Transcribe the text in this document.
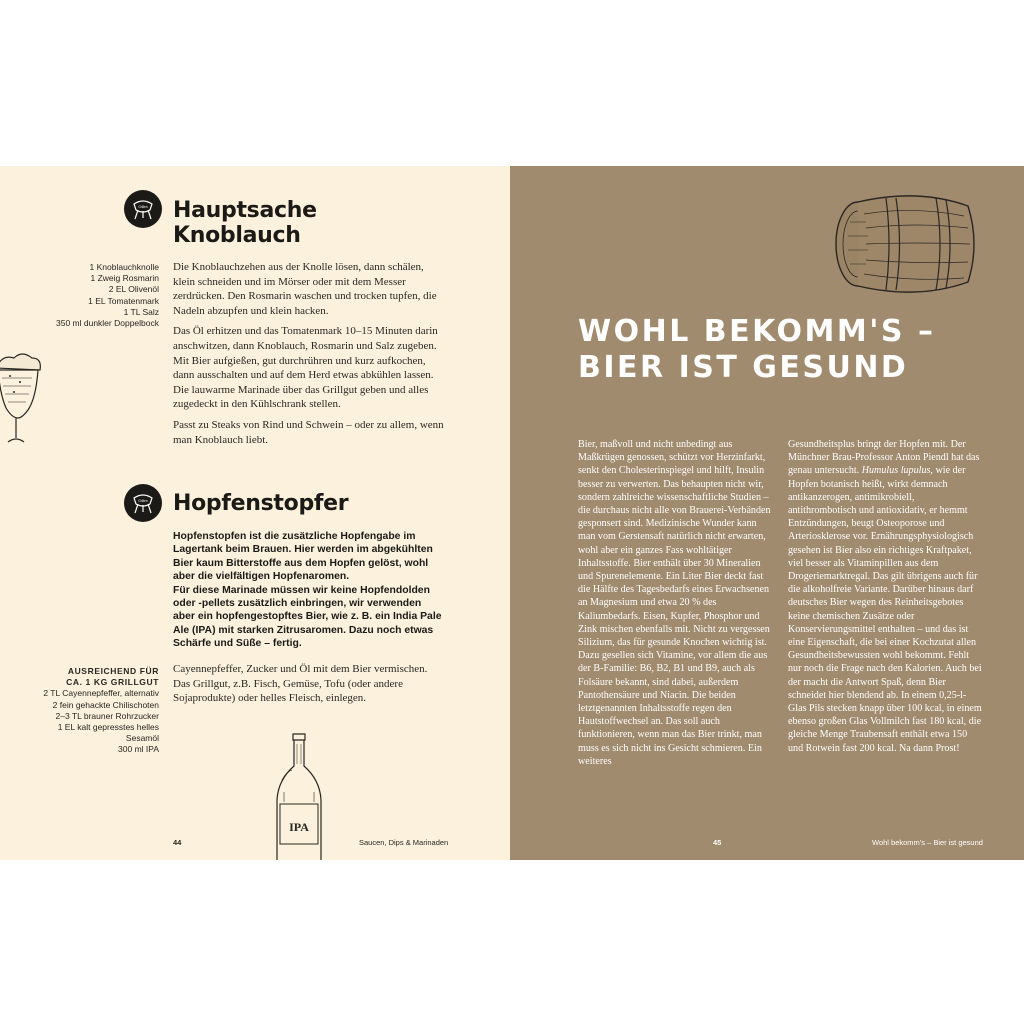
Grillen Hauptsache
Knoblauch
1 Knoblauchknolle
1 Zweig Rosmarin
2 EL Olivenöl
1 EL Tomatenmark
1 TL Salz
350 ml dunkler Doppelbock

Die Knoblauchzehen aus der Knolle lösen, dann schälen, klein schneiden und im Mörser oder mit dem Messer zerdrücken. Den Rosmarin waschen und trocken tupfen, die Nadeln abzupfen und klein hacken.

Das Öl erhitzen und das Tomatenmark 10–15 Minuten darin anschwitzen, dann Knoblauch, Rosmarin und Salz zugeben. Mit Bier aufgießen, gut durchrühren und kurz aufkochen, dann ausschalten und auf dem Herd etwas abkühlen lassen. Die lauwarme Marinade über das Grillgut geben und alles zugedeckt in den Kühlschrank stellen.

Passt zu Steaks von Rind und Schwein – oder zu allem, wenn man Knoblauch liebt.

Grillen Hopfenstopfer
Hopfenstopfen ist die zusätzliche Hopfengabe im Lagertank beim Brauen. Hier werden im abgekühlten Bier kaum Bitterstoffe aus dem Hopfen gelöst, wohl aber die vielfältigen Hopfenaromen.
Für diese Marinade müssen wir keine Hopfendolden oder -pellets zusätzlich einbringen, wir verwenden aber ein hopfengestopftes Bier, wie z. B. ein India Pale Ale (IPA) mit starken Zitrusaromen. Dazu noch etwas Schärfe und Süße – fertig.
AUSREICHEND FÜR
CA. 1 KG GRILLGUT
2 TL Cayennepfeffer, alternativ
2 fein gehackte Chilischoten
2–3 TL brauner Rohrzucker
1 EL kalt gepresstes helles
Sesamöl
300 ml IPA

Cayennepfeffer, Zucker und Öl mit dem Bier vermischen. Das Grillgut, z.B. Fisch, Gemüse, Tofu (oder andere Sojaprodukte) oder helles Fleisch, einlegen.

IPA
44	Saucen, Dips & Marinaden
WOHL BEKOMM'S –
BIER IST GESUND
Bier, maßvoll und nicht unbedingt aus Maßkrügen genossen, schützt vor Herzinfarkt, senkt den Cholesterinspiegel und hilft, Insulin besser zu verwerten. Das behaupten nicht wir, sondern zahlreiche wissenschaftliche Studien – die durchaus nicht alle von Brauerei-Verbänden gesponsert sind. Medizinische Wunder kann man vom Gerstensaft natürlich nicht erwarten, wohl aber ein ganzes Fass wohltätiger Inhaltsstoffe. Bier enthält über 30 Mineralien und Spurenelemente. Ein Liter Bier deckt fast die Hälfte des Tagesbedarfs eines Erwachsenen an Magnesium und etwa 20 % des Kaliumbedarfs. Eisen, Kupfer, Phosphor und Zink mischen ebenfalls mit. Nicht zu vergessen Silizium, das für gesunde Knochen wichtig ist. Dazu gesellen sich Vitamine, vor allem die aus der B-Familie: B6, B2, B1 und B9, auch als Folsäure bekannt, sind dabei, außerdem Pantothensäure und Niacin. Die beiden letztgenannten Inhaltsstoffe regen den Hautstoffwechsel an. Das soll auch funktionieren, wenn man das Bier trinkt, man muss es sich nicht ins Gesicht schmieren. Ein weiteres
Gesundheitsplus bringt der Hopfen mit. Der Münchner Brau-Professor Anton Piendl hat das genau untersucht. Humulus lupulus, wie der Hopfen botanisch heißt, wirkt demnach antikanzerogen, antimikrobiell, antithrombotisch und antioxidativ, er hemmt Entzündungen, beugt Osteoporose und Arteriosklerose vor. Ernährungsphysiologisch gesehen ist Bier also ein richtiges Kraftpaket, viel besser als Vitaminpillen aus dem Drogeriemarktregal. Das gilt übrigens auch für die alkoholfreie Variante. Darüber hinaus darf deutsches Bier wegen des Reinheitsgebotes keine chemischen Zusätze oder Konservierungsmittel enthalten – und das ist eine Eigenschaft, die bei einer Kochzutat allen Gesundheitsbewussten wohl bekommt. Fehlt nur noch die Frage nach den Kalorien. Auch bei der macht die Antwort Spaß, denn Bier schneidet hier blendend ab. In einem 0,25-l-Glas Pils stecken knapp über 100 kcal, in einem ebenso großen Glas Vollmilch fast 180 kcal, die gleiche Menge Traubensaft enthält etwa 150 und Rotwein fast 200 kcal. Na dann Prost!
45	Wohl bekomm's – Bier ist gesund
